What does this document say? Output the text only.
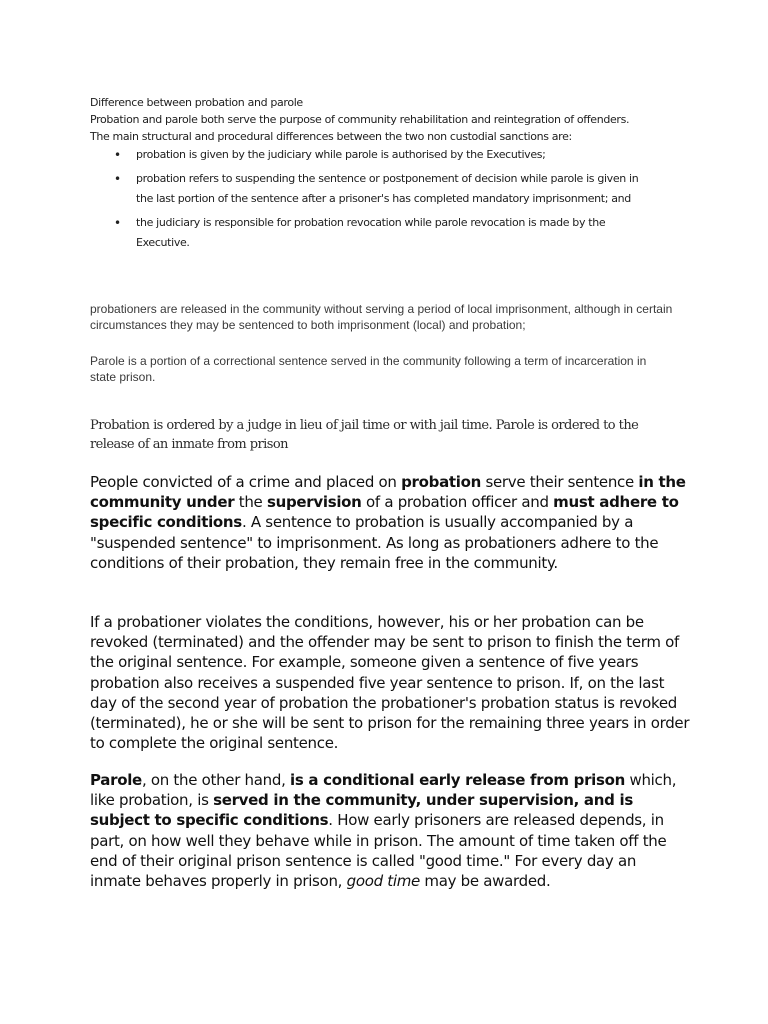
Difference between probation and parole
Probation and parole both serve the purpose of community rehabilitation and reintegration of offenders. The main structural and procedural differences between the two non custodial sanctions are:
• probation is given by the judiciary while parole is authorised by the Executives;
• probation refers to suspending the sentence or postponement of decision while parole is given in the last portion of the sentence after a prisoner's has completed mandatory imprisonment; and
• the judiciary is responsible for probation revocation while parole revocation is made by the Executive.

probationers are released in the community without serving a period of local imprisonment, although in certain circumstances they may be sentenced to both imprisonment (local) and probation;

Parole is a portion of a correctional sentence served in the community following a term of incarceration in state prison.

Probation is ordered by a judge in lieu of jail time or with jail time. Parole is ordered to the release of an inmate from prison

People convicted of a crime and placed on probation serve their sentence in the community under the supervision of a probation officer and must adhere to specific conditions. A sentence to probation is usually accompanied by a "suspended sentence" to imprisonment. As long as probationers adhere to the conditions of their probation, they remain free in the community.

If a probationer violates the conditions, however, his or her probation can be revoked (terminated) and the offender may be sent to prison to finish the term of the original sentence. For example, someone given a sentence of five years probation also receives a suspended five year sentence to prison. If, on the last day of the second year of probation the probationer's probation status is revoked (terminated), he or she will be sent to prison for the remaining three years in order to complete the original sentence.

Parole, on the other hand, is a conditional early release from prison which, like probation, is served in the community, under supervision, and is subject to specific conditions. How early prisoners are released depends, in part, on how well they behave while in prison. The amount of time taken off the end of their original prison sentence is called "good time." For every day an inmate behaves properly in prison, good time may be awarded.
